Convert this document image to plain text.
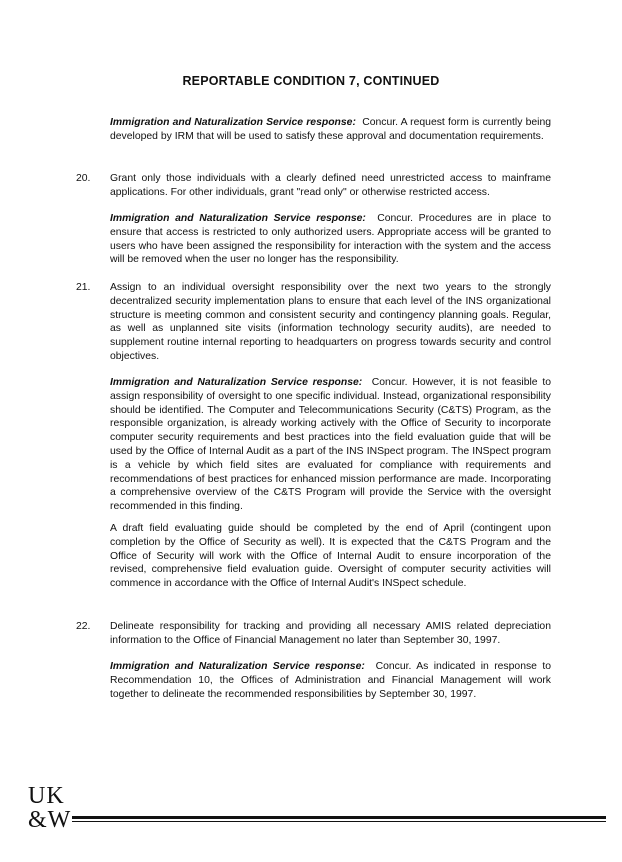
REPORTABLE CONDITION 7, CONTINUED
Immigration and Naturalization Service response: Concur. A request form is currently being developed by IRM that will be used to satisfy these approval and documentation requirements.
20. Grant only those individuals with a clearly defined need unrestricted access to mainframe applications. For other individuals, grant "read only" or otherwise restricted access.
Immigration and Naturalization Service response: Concur. Procedures are in place to ensure that access is restricted to only authorized users. Appropriate access will be granted to users who have been assigned the responsibility for interaction with the system and the access will be removed when the user no longer has the responsibility.
21. Assign to an individual oversight responsibility over the next two years to the strongly decentralized security implementation plans to ensure that each level of the INS organizational structure is meeting common and consistent security and contingency planning goals. Regular, as well as unplanned site visits (information technology security audits), are needed to supplement routine internal reporting to headquarters on progress towards security and control objectives.
Immigration and Naturalization Service response: Concur. However, it is not feasible to assign responsibility of oversight to one specific individual. Instead, organizational responsibility should be identified. The Computer and Telecommunications Security (C&TS) Program, as the responsible organization, is already working actively with the Office of Security to incorporate computer security requirements and best practices into the field evaluation guide that will be used by the Office of Internal Audit as a part of the INS INSpect program. The INSpect program is a vehicle by which field sites are evaluated for compliance with requirements and recommendations of best practices for enhanced mission performance are made. Incorporating a comprehensive overview of the C&TS Program will provide the Service with the oversight recommended in this finding.
A draft field evaluating guide should be completed by the end of April (contingent upon completion by the Office of Security as well). It is expected that the C&TS Program and the Office of Security will work with the Office of Internal Audit to ensure incorporation of the revised, comprehensive field evaluation guide. Oversight of computer security activities will commence in accordance with the Office of Internal Audit's INSpect schedule.
22. Delineate responsibility for tracking and providing all necessary AMIS related depreciation information to the Office of Financial Management no later than September 30, 1997.
Immigration and Naturalization Service response: Concur. As indicated in response to Recommendation 10, the Offices of Administration and Financial Management will work together to delineate the recommended responsibilities by September 30, 1997.
UK
&W
